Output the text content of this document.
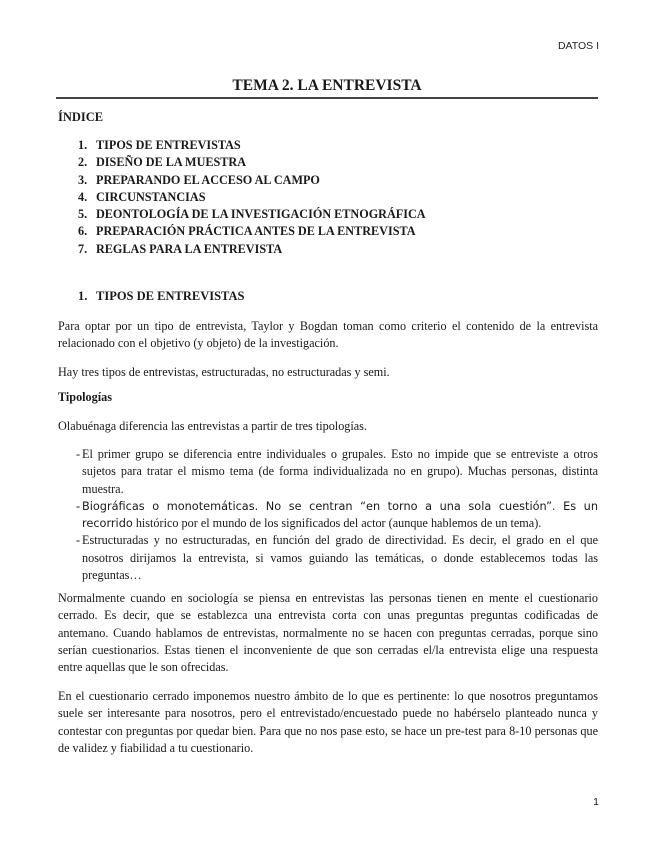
DATOS I
TEMA 2. LA ENTREVISTA
ÍNDICE
1. TIPOS DE ENTREVISTAS
2. DISEÑO DE LA MUESTRA
3. PREPARANDO EL ACCESO AL CAMPO
4. CIRCUNSTANCIAS
5. DEONTOLOGÍA DE LA INVESTIGACIÓN ETNOGRÁFICA
6. PREPARACIÓN PRÁCTICA ANTES DE LA ENTREVISTA
7. REGLAS PARA LA ENTREVISTA
1. TIPOS DE ENTREVISTAS

Para optar por un tipo de entrevista, Taylor y Bogdan toman como criterio el contenido de la entrevista relacionado con el objetivo (y objeto) de la investigación.

Hay tres tipos de entrevistas, estructuradas, no estructuradas y semi.

Tipologías

Olabuénaga diferencia las entrevistas a partir de tres tipologías.

- El primer grupo se diferencia entre individuales o grupales. Esto no impide que se entreviste a otros sujetos para tratar el mismo tema (de forma individualizada no en grupo). Muchas personas, distinta muestra.
- Biográficas o monotemáticas. No se centran “en torno a una sola cuestión”. Es un recorrido histórico por el mundo de los significados del actor (aunque hablemos de un tema).
- Estructuradas y no estructuradas, en función del grado de directividad. Es decir, el grado en el que nosotros dirijamos la entrevista, si vamos guiando las temáticas, o donde establecemos todas las preguntas…

Normalmente cuando en sociología se piensa en entrevistas las personas tienen en mente el cuestionario cerrado. Es decir, que se establezca una entrevista corta con unas preguntas preguntas codificadas de antemano. Cuando hablamos de entrevistas, normalmente no se hacen con preguntas cerradas, porque sino serían cuestionarios. Estas tienen el inconveniente de que son cerradas el/la entrevista elige una respuesta entre aquellas que le son ofrecidas.

En el cuestionario cerrado imponemos nuestro ámbito de lo que es pertinente: lo que nosotros preguntamos suele ser interesante para nosotros, pero el entrevistado/encuestado puede no habérselo planteado nunca y contestar con preguntas por quedar bien. Para que no nos pase esto, se hace un pre-test para 8-10 personas que de validez y fiabilidad a tu cuestionario.

1
